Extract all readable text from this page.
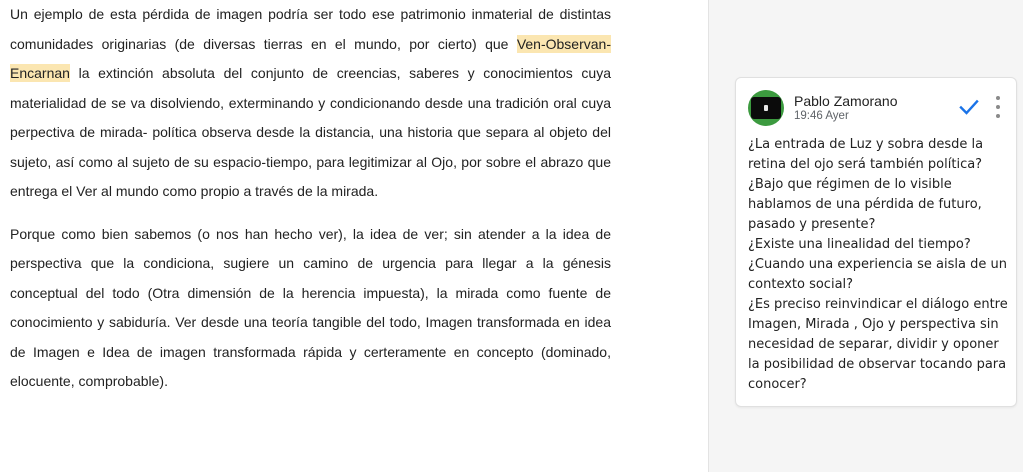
Un ejemplo de esta pérdida de imagen podría ser todo ese patrimonio inmaterial de distintas comunidades originarias (de diversas tierras en el mundo, por cierto) que Ven-Observan-Encarnan la extinción absoluta del conjunto de creencias, saberes y conocimientos cuya materialidad de se va disolviendo, exterminando y condicionando desde una tradición oral cuya perpectiva de mirada- política observa desde la distancia, una historia que separa al objeto del sujeto, así como al sujeto de su espacio-tiempo, para legitimizar al Ojo, por sobre el abrazo que entrega el Ver al mundo como propio a través de la mirada.

Porque como bien sabemos (o nos han hecho ver), la idea de ver; sin atender a la idea de perspectiva que la condiciona, sugiere un camino de urgencia para llegar a la génesis conceptual del todo (Otra dimensión de la herencia impuesta), la mirada como fuente de conocimiento y sabiduría. Ver desde una teoría tangible del todo, Imagen transformada en idea de Imagen e Idea de imagen transformada rápida y certeramente en concepto (dominado, elocuente, comprobable).

Pablo Zamorano
19:46 Ayer
¿La entrada de Luz y sobra desde la retina del ojo será también política?
¿Bajo que régimen de lo visible hablamos de una pérdida de futuro, pasado y presente?
¿Existe una linealidad del tiempo?
¿Cuando una experiencia se aisla de un contexto social?
¿Es preciso reinvindicar el diálogo entre Imagen, Mirada , Ojo y perspectiva sin necesidad de separar, dividir y oponer la posibilidad de observar tocando para conocer?
